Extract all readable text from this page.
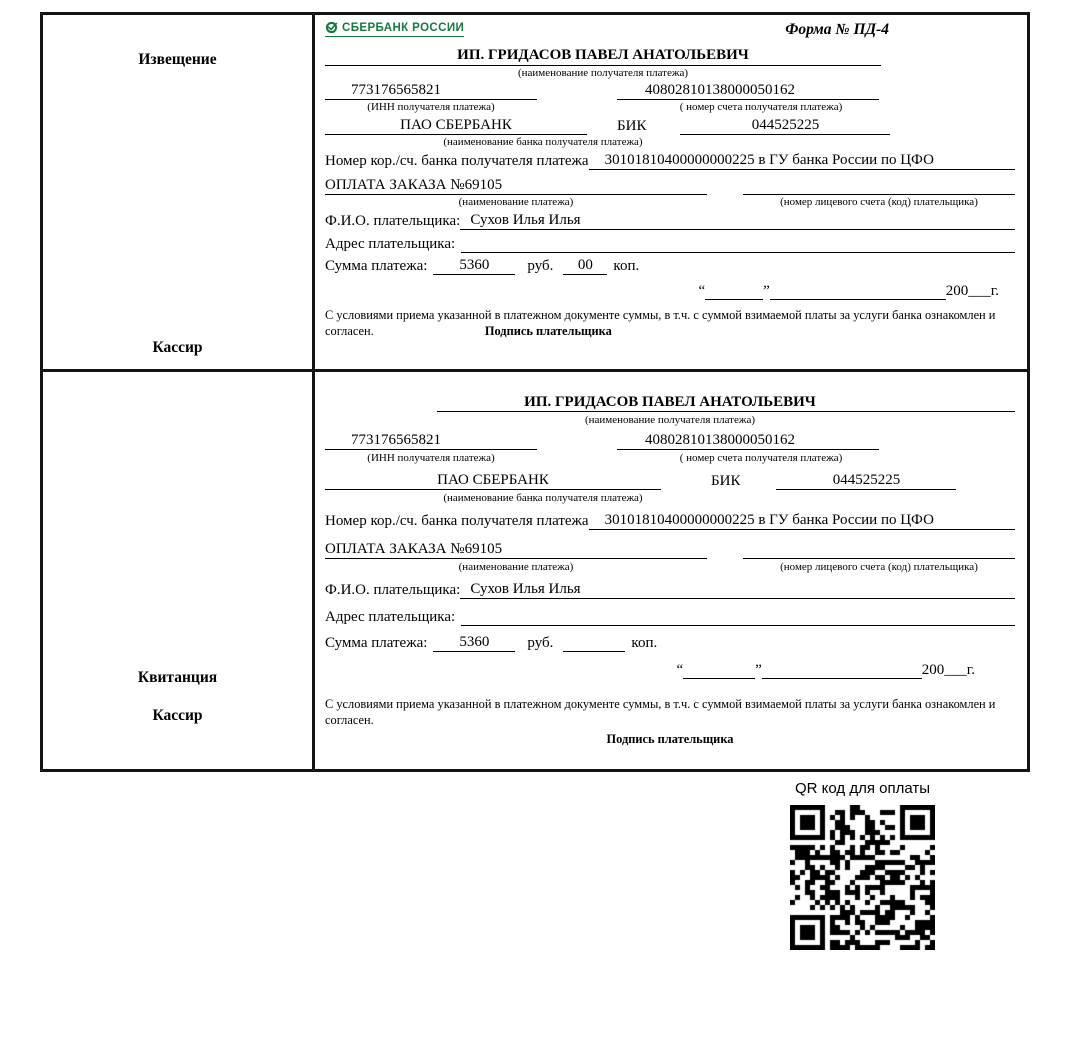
Извещение
Кассир
СБЕРБАНК РОССИИ	Форма № ПД-4
ИП. ГРИДАСОВ ПАВЕЛ АНАТОЛЬЕВИЧ
(наименование получателя платежа)
773176565821	40802810138000050162
(ИНН получателя платежа)	( номер счета получателя платежа)
ПАО СБЕРБАНК	БИК	044525225
(наименование банка получателя платежа)
Номер кор./сч. банка получателя платежа	30101810400000000225 в ГУ банка России по ЦФО
ОПЛАТА ЗАКАЗА №69105
(наименование платежа)	(номер лицевого счета (код) плательщика)
Ф.И.О. плательщика: Сухов Илья Илья
Адрес плательщика:
Сумма платежа:	5360	руб.	00	коп.
“	”	200___г.
С условиями приема указанной в платежном документе суммы, в т.ч. с суммой взимаемой платы за услуги банка ознакомлен и согласен.	Подпись плательщика
Квитанция
Кассир
ИП. ГРИДАСОВ ПАВЕЛ АНАТОЛЬЕВИЧ
(наименование получателя платежа)
773176565821	40802810138000050162
(ИНН получателя платежа)	( номер счета получателя платежа)
ПАО СБЕРБАНК	БИК	044525225
(наименование банка получателя платежа)
Номер кор./сч. банка получателя платежа	30101810400000000225 в ГУ банка России по ЦФО
ОПЛАТА ЗАКАЗА №69105
(наименование платежа)	(номер лицевого счета (код) плательщика)
Ф.И.О. плательщика: Сухов Илья Илья
Адрес плательщика:
Сумма платежа:	5360	руб.	коп.
“	”	200___г.
С условиями приема указанной в платежном документе суммы, в т.ч. с суммой взимаемой платы за услуги банка ознакомлен и согласен.
Подпись плательщика
QR код для оплаты
